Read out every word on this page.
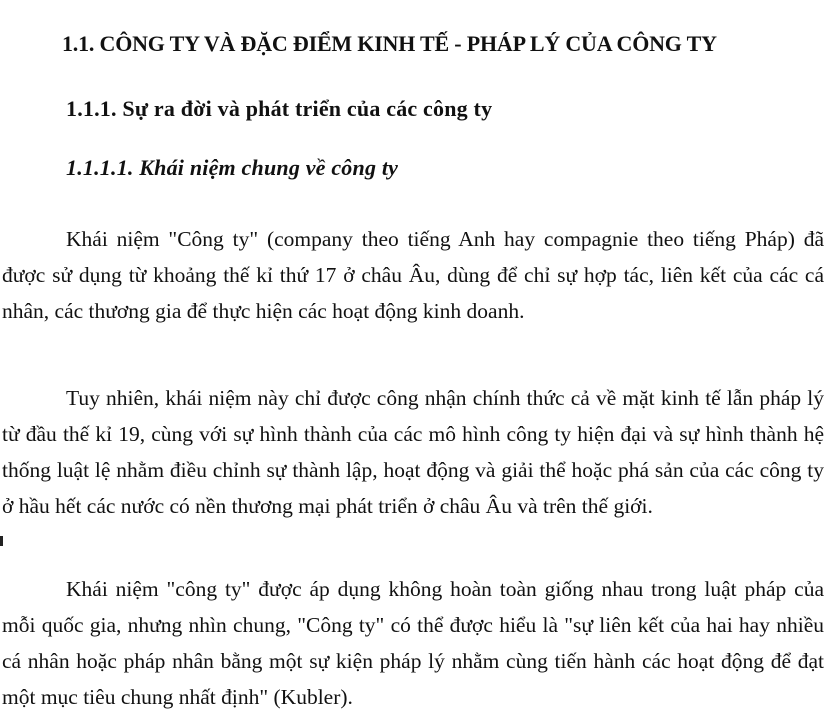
1.1. CÔNG TY VÀ ĐẶC ĐIỂM KINH TẾ - PHÁP LÝ CỦA CÔNG TY
1.1.1. Sự ra đời và phát triển của các công ty
1.1.1.1. Khái niệm chung về công ty

Khái niệm "Công ty" (company theo tiếng Anh hay compagnie theo tiếng Pháp) đã được sử dụng từ khoảng thế kỉ thứ 17 ở châu Âu, dùng để chỉ sự hợp tác, liên kết của các cá nhân, các thương gia để thực hiện các hoạt động kinh doanh.

Tuy nhiên, khái niệm này chỉ được công nhận chính thức cả về mặt kinh tế lẫn pháp lý từ đầu thế kỉ 19, cùng với sự hình thành của các mô hình công ty hiện đại và sự hình thành hệ thống luật lệ nhằm điều chỉnh sự thành lập, hoạt động và giải thể hoặc phá sản của các công ty ở hầu hết các nước có nền thương mại phát triển ở châu Âu và trên thế giới.

Khái niệm "công ty" được áp dụng không hoàn toàn giống nhau trong luật pháp của mỗi quốc gia, nhưng nhìn chung, "Công ty" có thể được hiểu là "sự liên kết của hai hay nhiều cá nhân hoặc pháp nhân bằng một sự kiện pháp lý nhằm cùng tiến hành các hoạt động để đạt một mục tiêu chung nhất định" (Kubler).
